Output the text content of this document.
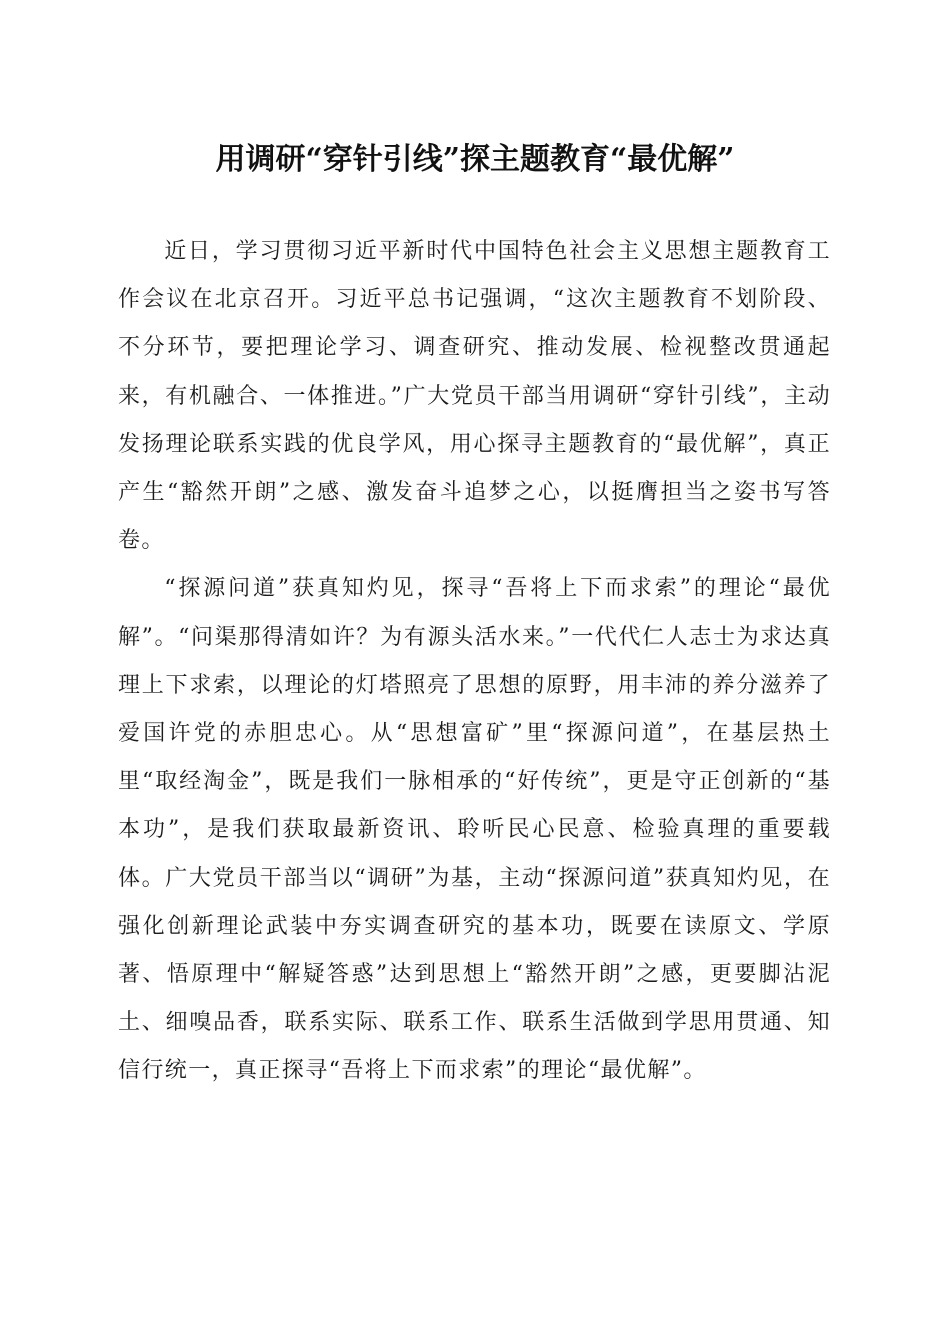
用调研“穿针引线”探主题教育“最优解”

近日，学习贯彻习近平新时代中国特色社会主义思想主题教育工作会议在北京召开。习近平总书记强调，“这次主题教育不划阶段、不分环节，要把理论学习、调查研究、推动发展、检视整改贯通起来，有机融合、一体推进。”广大党员干部当用调研“穿针引线”，主动发扬理论联系实践的优良学风，用心探寻主题教育的“最优解”，真正产生“豁然开朗”之感、激发奋斗追梦之心，以挺膺担当之姿书写答卷。

“探源问道”获真知灼见，探寻“吾将上下而求索”的理论“最优解”。“问渠那得清如许？为有源头活水来。”一代代仁人志士为求达真理上下求索，以理论的灯塔照亮了思想的原野，用丰沛的养分滋养了爱国许党的赤胆忠心。从“思想富矿”里“探源问道”，在基层热土里“取经淘金”，既是我们一脉相承的“好传统”，更是守正创新的“基本功”，是我们获取最新资讯、聆听民心民意、检验真理的重要载体。广大党员干部当以“调研”为基，主动“探源问道”获真知灼见，在强化创新理论武装中夯实调查研究的基本功，既要在读原文、学原著、悟原理中“解疑答惑”达到思想上“豁然开朗”之感，更要脚沾泥土、细嗅品香，联系实际、联系工作、联系生活做到学思用贯通、知信行统一，真正探寻“吾将上下而求索”的理论“最优解”。
